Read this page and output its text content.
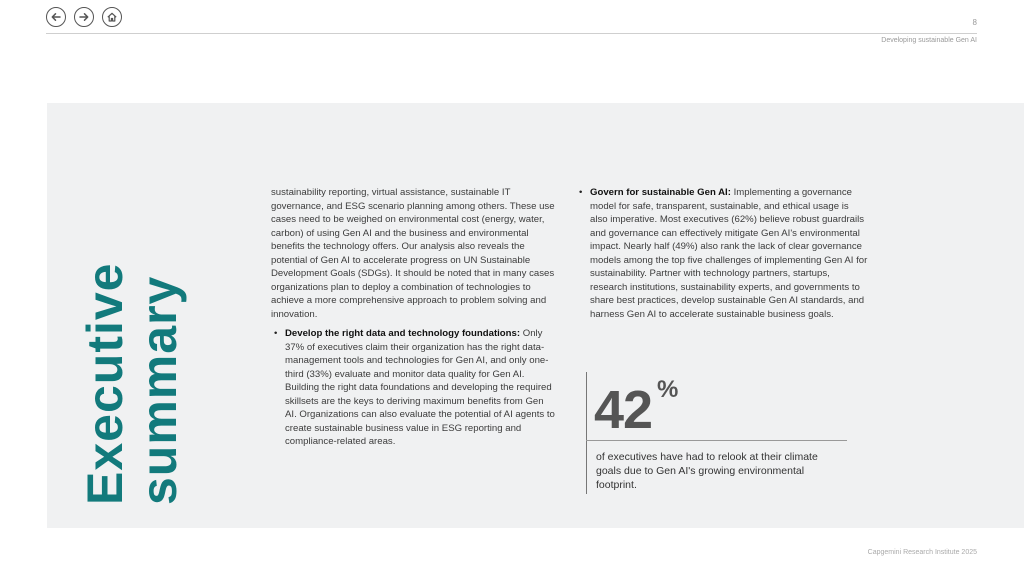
8
Developing sustainable Gen AI
Executive
summary

sustainability reporting, virtual assistance, sustainable IT governance, and ESG scenario planning among others. These use cases need to be weighed on environmental cost (energy, water, carbon) of using Gen AI and the business and environmental benefits the technology offers. Our analysis also reveals the potential of Gen AI to accelerate progress on UN Sustainable Development Goals (SDGs). It should be noted that in many cases organizations plan to deploy a combination of technologies to achieve a more comprehensive approach to problem solving and innovation.

• Develop the right data and technology foundations: Only 37% of executives claim their organization has the right data-management tools and technologies for Gen AI, and only one-third (33%) evaluate and monitor data quality for Gen AI. Building the right data foundations and developing the required skillsets are the keys to deriving maximum benefits from Gen AI. Organizations can also evaluate the potential of AI agents to create sustainable business value in ESG reporting and compliance-related areas.
• Govern for sustainable Gen AI: Implementing a governance model for safe, transparent, sustainable, and ethical usage is also imperative. Most executives (62%) believe robust guardrails and governance can effectively mitigate Gen AI's environmental impact. Nearly half (49%) also rank the lack of clear governance models among the top five challenges of implementing Gen AI for sustainability. Partner with technology partners, startups, research institutions, sustainability experts, and governments to share best practices, develop sustainable Gen AI standards, and harness Gen AI to accelerate sustainable business goals.
42 %
of executives have had to relook at their climate goals due to Gen AI's growing environmental footprint.
Capgemini Research Institute 2025
